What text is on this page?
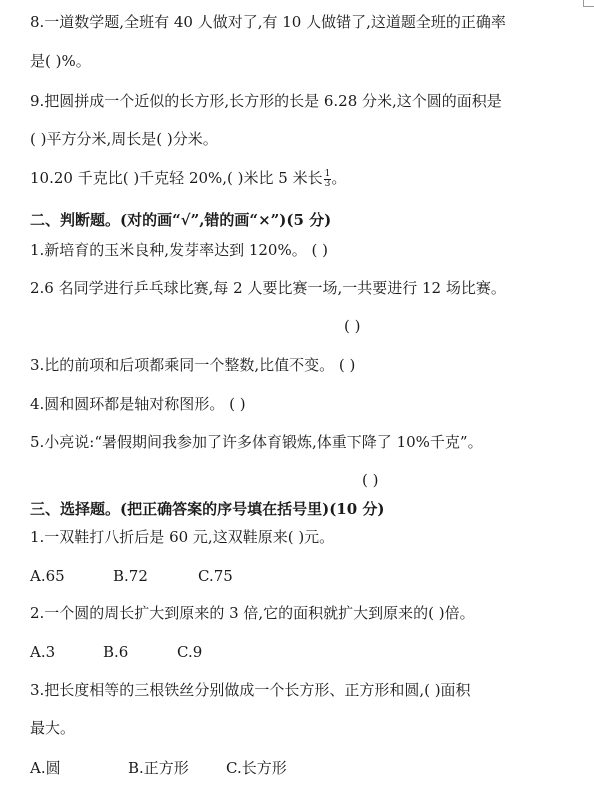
8.一道数学题,全班有 40 人做对了,有 10 人做错了,这道题全班的正确率
是( )%。
9.把圆拼成一个近似的长方形,长方形的长是 6.28 分米,这个圆的面积是
( )平方分米,周长是( )分米。
10.20 千克比( )千克轻 20%,( )米比 5 米长 $\frac{1}{3}$ 。
二、判断题。(对的画“√”,错的画“×”)(5 分)
1.新培育的玉米良种,发芽率达到 120%。 ( )
2.6 名同学进行乒乓球比赛,每 2 人要比赛一场,一共要进行 12 场比赛。
( )
3.比的前项和后项都乘同一个整数,比值不变。 ( )
4.圆和圆环都是轴对称图形。 ( )
5.小亮说:“暑假期间我参加了许多体育锻炼,体重下降了 10%千克”。
( )
三、选择题。(把正确答案的序号填在括号里)(10 分)
1.一双鞋打八折后是 60 元,这双鞋原来( )元。
A.65	B.72	C.75
2.一个圆的周长扩大到原来的 3 倍,它的面积就扩大到原来的( )倍。
A.3	B.6	C.9
3.把长度相等的三根铁丝分别做成一个长方形、正方形和圆,( )面积
最大。
A.圆	B.正方形 C.长方形
